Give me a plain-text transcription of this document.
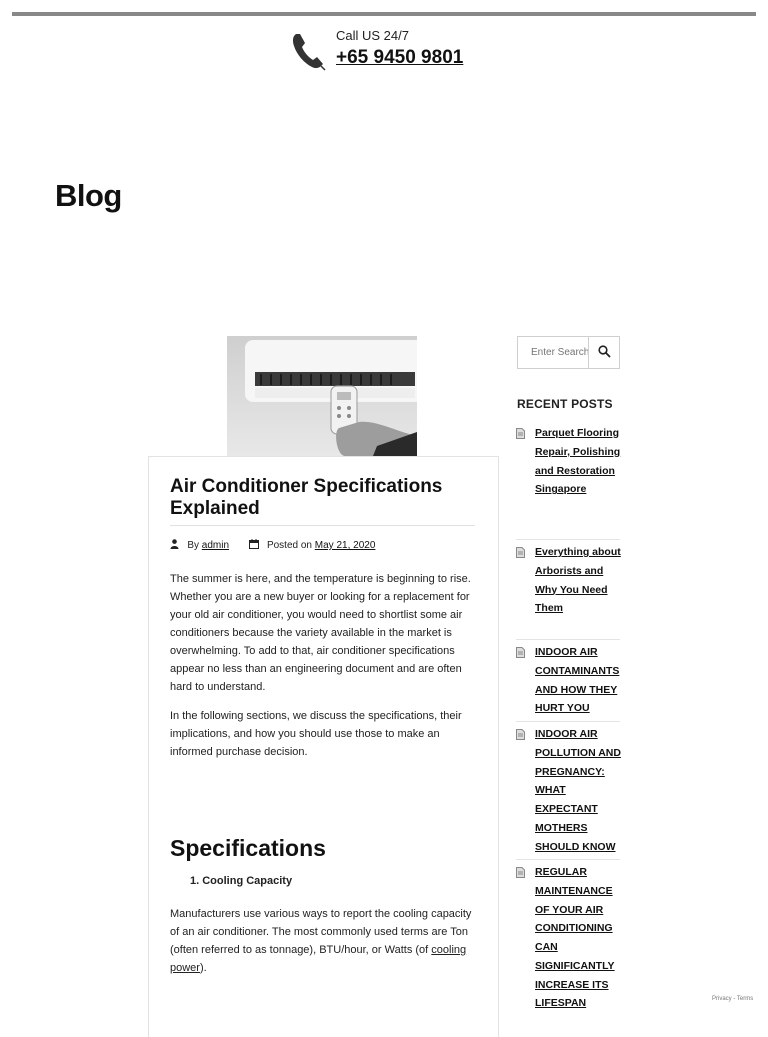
Call US 24/7
+65 9450 9801
Blog
Air Conditioner Specifications Explained
By admin	Posted on May 21, 2020

The summer is here, and the temperature is beginning to rise. Whether you are a new buyer or looking for a replacement for your old air conditioner, you would need to shortlist some air conditioners because the variety available in the market is overwhelming. To add to that, air conditioner specifications appear no less than an engineering document and are often hard to understand.

In the following sections, we discuss the specifications, their implications, and how you should use those to make an informed purchase decision.

Specifications
1. Cooling Capacity

Manufacturers use various ways to report the cooling capacity of an air conditioner. The most commonly used terms are Ton (often referred to as tonnage), BTU/hour, or Watts (of cooling power).

Enter Search
RECENT POSTS
Parquet Flooring Repair, Polishing and Restoration Singapore
Everything about Arborists and Why You Need Them
INDOOR AIR CONTAMINANTS AND HOW THEY HURT YOU
INDOOR AIR POLLUTION AND PREGNANCY: WHAT EXPECTANT MOTHERS SHOULD KNOW
REGULAR MAINTENANCE OF YOUR AIR CONDITIONING CAN SIGNIFICANTLY INCREASE ITS LIFESPAN	Privacy - Terms
